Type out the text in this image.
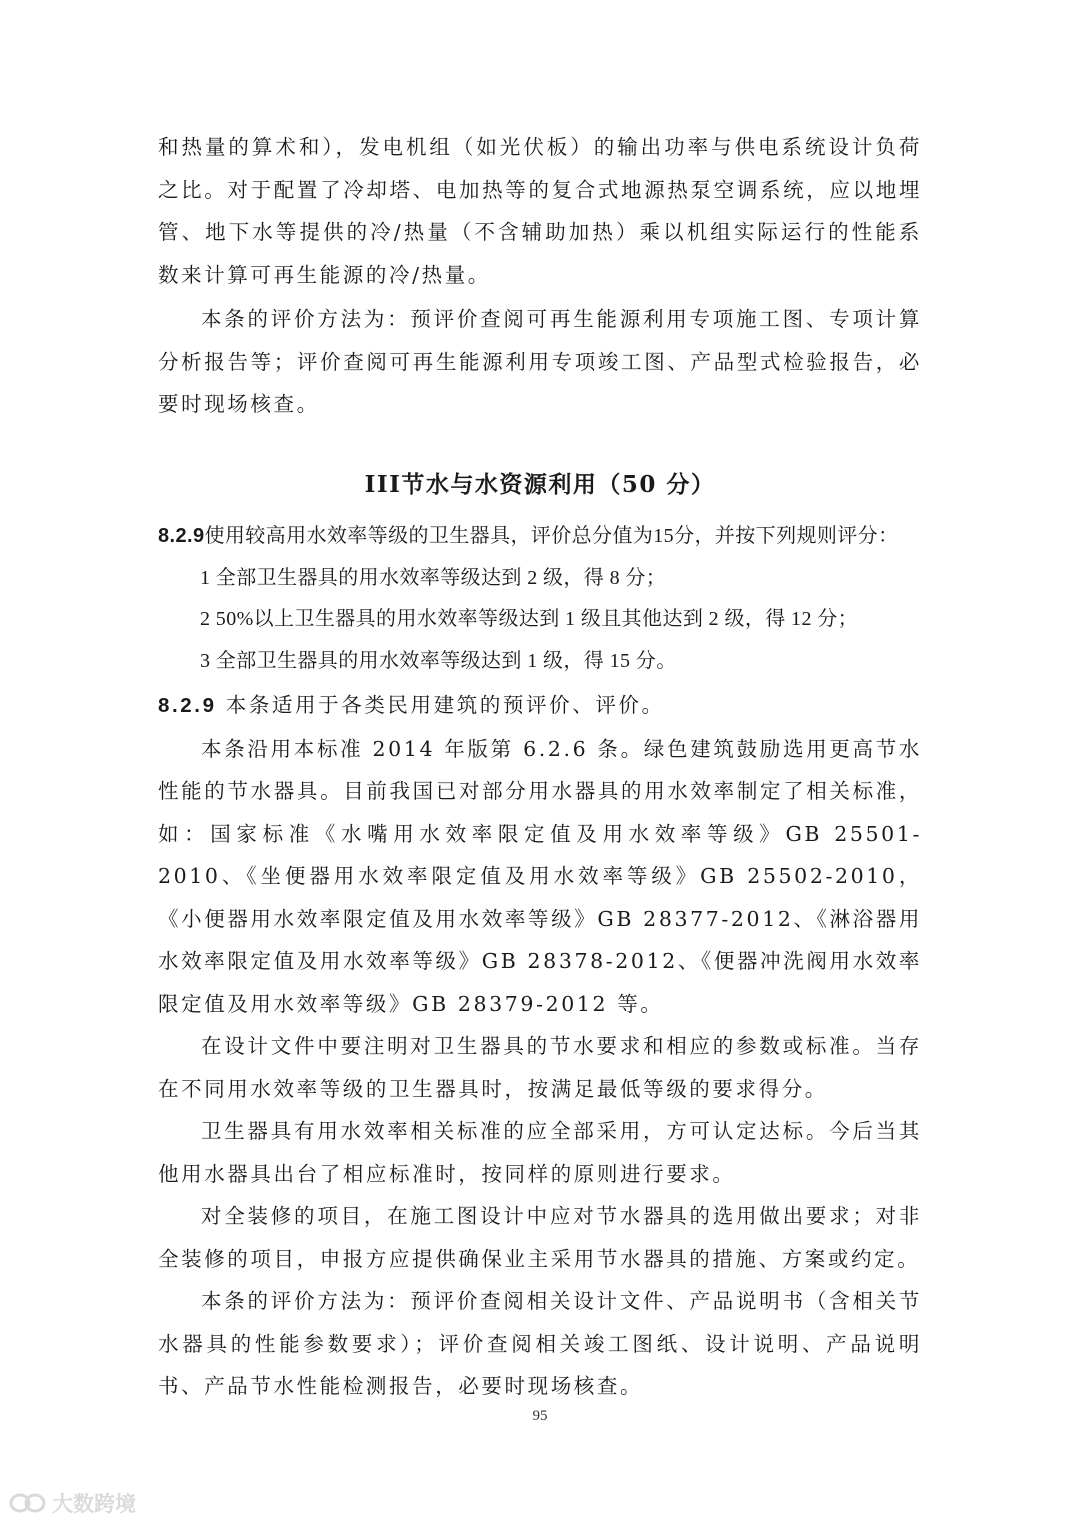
和热量的算术和），发电机组（如光伏板）的输出功率与供电系统设计负荷之比。对于配置了冷却塔、电加热等的复合式地源热泵空调系统，应以地埋管、地下水等提供的冷/热量（不含辅助加热）乘以机组实际运行的性能系数来计算可再生能源的冷/热量。

本条的评价方法为：预评价查阅可再生能源利用专项施工图、专项计算分析报告等；评价查阅可再生能源利用专项竣工图、产品型式检验报告，必要时现场核查。

III节水与水资源利用（50 分）

8.2.9使用较高用水效率等级的卫生器具，评价总分值为15分，并按下列规则评分：

1 全部卫生器具的用水效率等级达到 2 级，得 8 分；

2 50%以上卫生器具的用水效率等级达到 1 级且其他达到 2 级，得 12 分；

3 全部卫生器具的用水效率等级达到 1 级，得 15 分。

8.2.9 本条适用于各类民用建筑的预评价、评价。

本条沿用本标准 2014 年版第 6.2.6 条。绿色建筑鼓励选用更高节水性能的节水器具。目前我国已对部分用水器具的用水效率制定了相关标准，如：国家标准《水嘴用水效率限定值及用水效率等级》GB 25501-2010、《坐便器用水效率限定值及用水效率等级》GB 25502-2010，《小便器用水效率限定值及用水效率等级》GB 28377-2012、《淋浴器用水效率限定值及用水效率等级》GB 28378-2012、《便器冲洗阀用水效率限定值及用水效率等级》GB 28379-2012 等。

在设计文件中要注明对卫生器具的节水要求和相应的参数或标准。当存在不同用水效率等级的卫生器具时，按满足最低等级的要求得分。

卫生器具有用水效率相关标准的应全部采用，方可认定达标。今后当其他用水器具出台了相应标准时，按同样的原则进行要求。

对全装修的项目，在施工图设计中应对节水器具的选用做出要求；对非全装修的项目，申报方应提供确保业主采用节水器具的措施、方案或约定。

本条的评价方法为：预评价查阅相关设计文件、产品说明书（含相关节水器具的性能参数要求）；评价查阅相关竣工图纸、设计说明、产品说明书、产品节水性能检测报告，必要时现场核查。

95
大数跨境
